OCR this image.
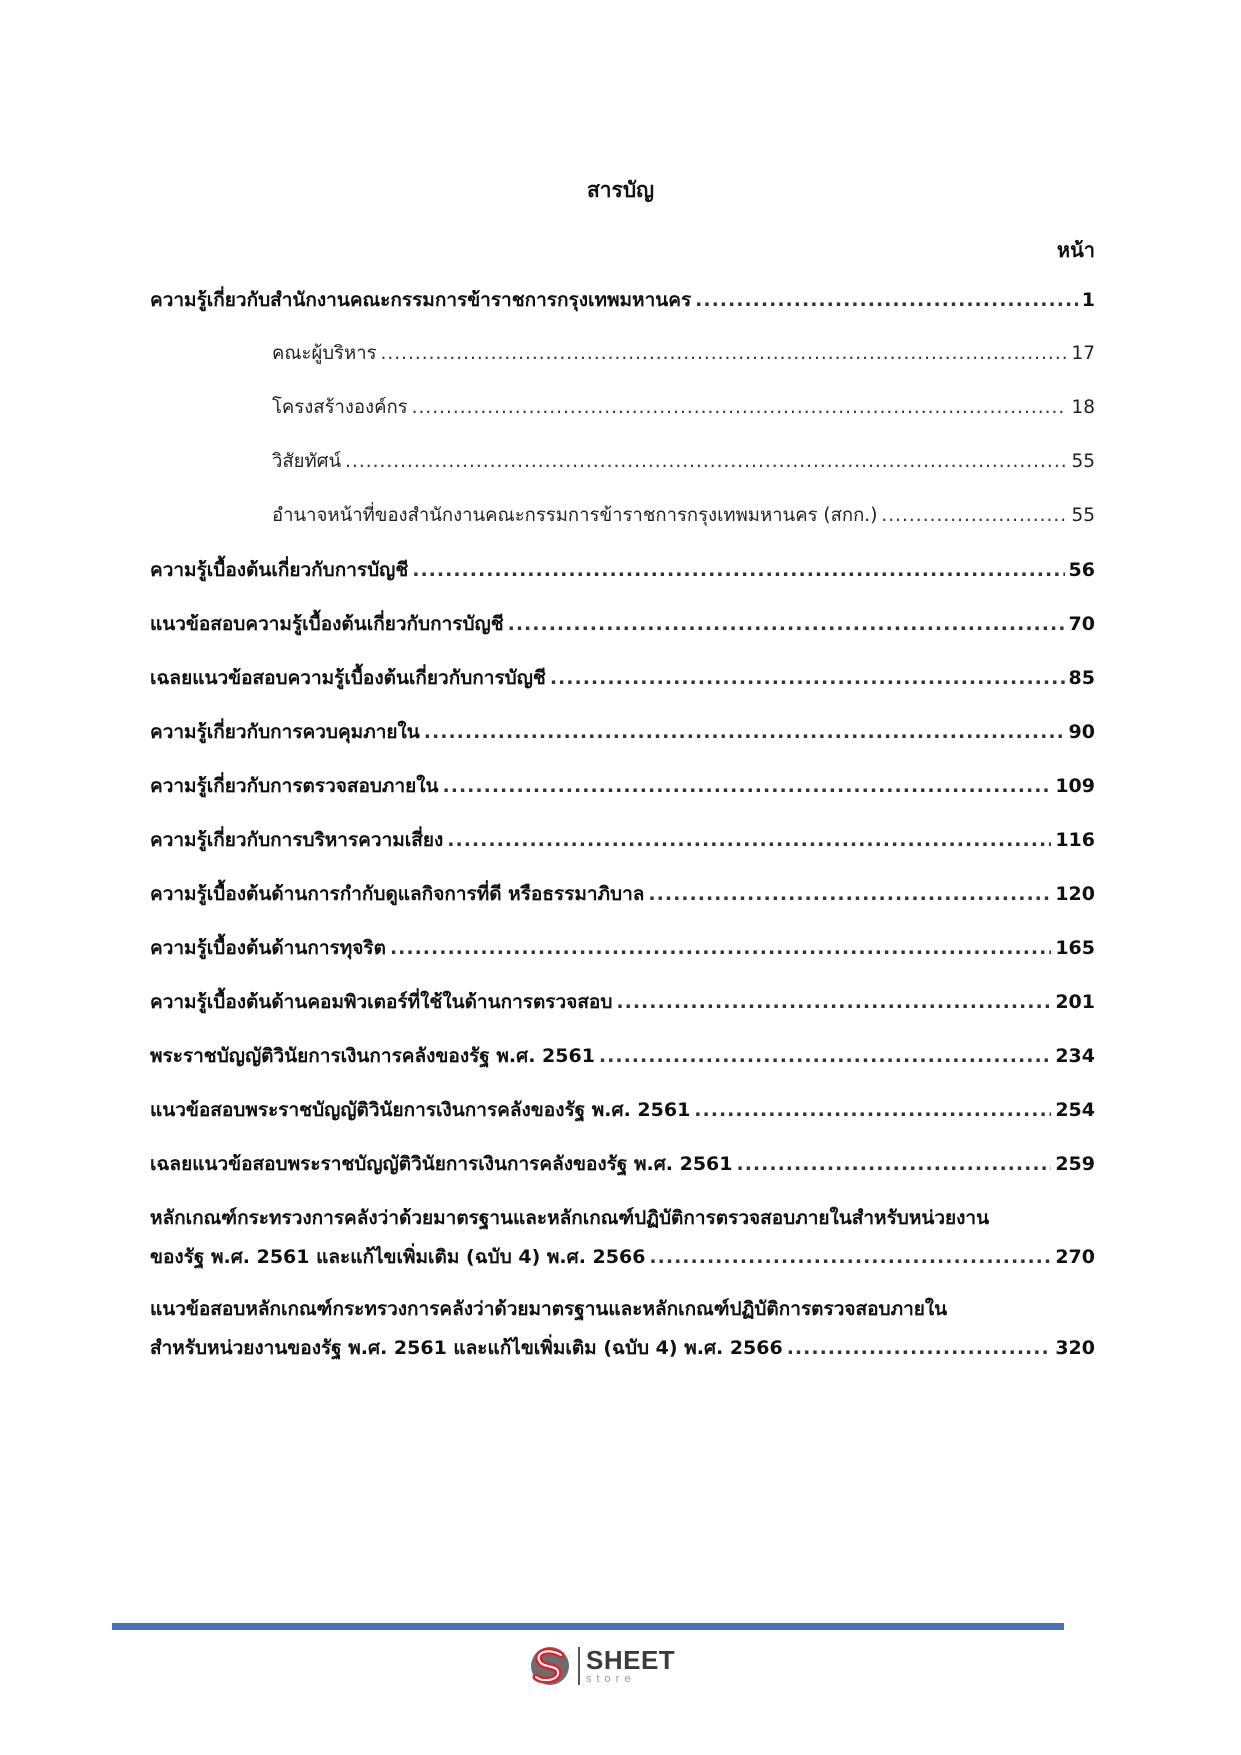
สารบัญ
หน้า
ความรู้เกี่ยวกับสำนักงานคณะกรรมการข้าราชการกรุงเทพมหานคร .....	1
คณะผู้บริหาร .....	17
โครงสร้างองค์กร .....	18
วิสัยทัศน์ .....	55
อำนาจหน้าที่ของสำนักงานคณะกรรมการข้าราชการกรุงเทพมหานคร (สกก.) .....	55
ความรู้เบื้องต้นเกี่ยวกับการบัญชี .....	56
แนวข้อสอบความรู้เบื้องต้นเกี่ยวกับการบัญชี .....	70
เฉลยแนวข้อสอบความรู้เบื้องต้นเกี่ยวกับการบัญชี .....	85
ความรู้เกี่ยวกับการควบคุมภายใน .....	90
ความรู้เกี่ยวกับการตรวจสอบภายใน .....	109
ความรู้เกี่ยวกับการบริหารความเสี่ยง .....	116
ความรู้เบื้องต้นด้านการกำกับดูแลกิจการที่ดี หรือธรรมาภิบาล .....	120
ความรู้เบื้องต้นด้านการทุจริต .....	165
ความรู้เบื้องต้นด้านคอมพิวเตอร์ที่ใช้ในด้านการตรวจสอบ .....	201
พระราชบัญญัติวินัยการเงินการคลังของรัฐ พ.ศ. 2561 .....	234
แนวข้อสอบพระราชบัญญัติวินัยการเงินการคลังของรัฐ พ.ศ. 2561 .....	254
เฉลยแนวข้อสอบพระราชบัญญัติวินัยการเงินการคลังของรัฐ พ.ศ. 2561 .....	259
หลักเกณฑ์กระทรวงการคลังว่าด้วยมาตรฐานและหลักเกณฑ์ปฏิบัติการตรวจสอบภายในสำหรับหน่วยงาน
ของรัฐ พ.ศ. 2561 และแก้ไขเพิ่มเติม (ฉบับ 4) พ.ศ. 2566 .....	270
แนวข้อสอบหลักเกณฑ์กระทรวงการคลังว่าด้วยมาตรฐานและหลักเกณฑ์ปฏิบัติการตรวจสอบภายใน
สำหรับหน่วยงานของรัฐ พ.ศ. 2561 และแก้ไขเพิ่มเติม (ฉบับ 4) พ.ศ. 2566 .....	320
SHEET
store
